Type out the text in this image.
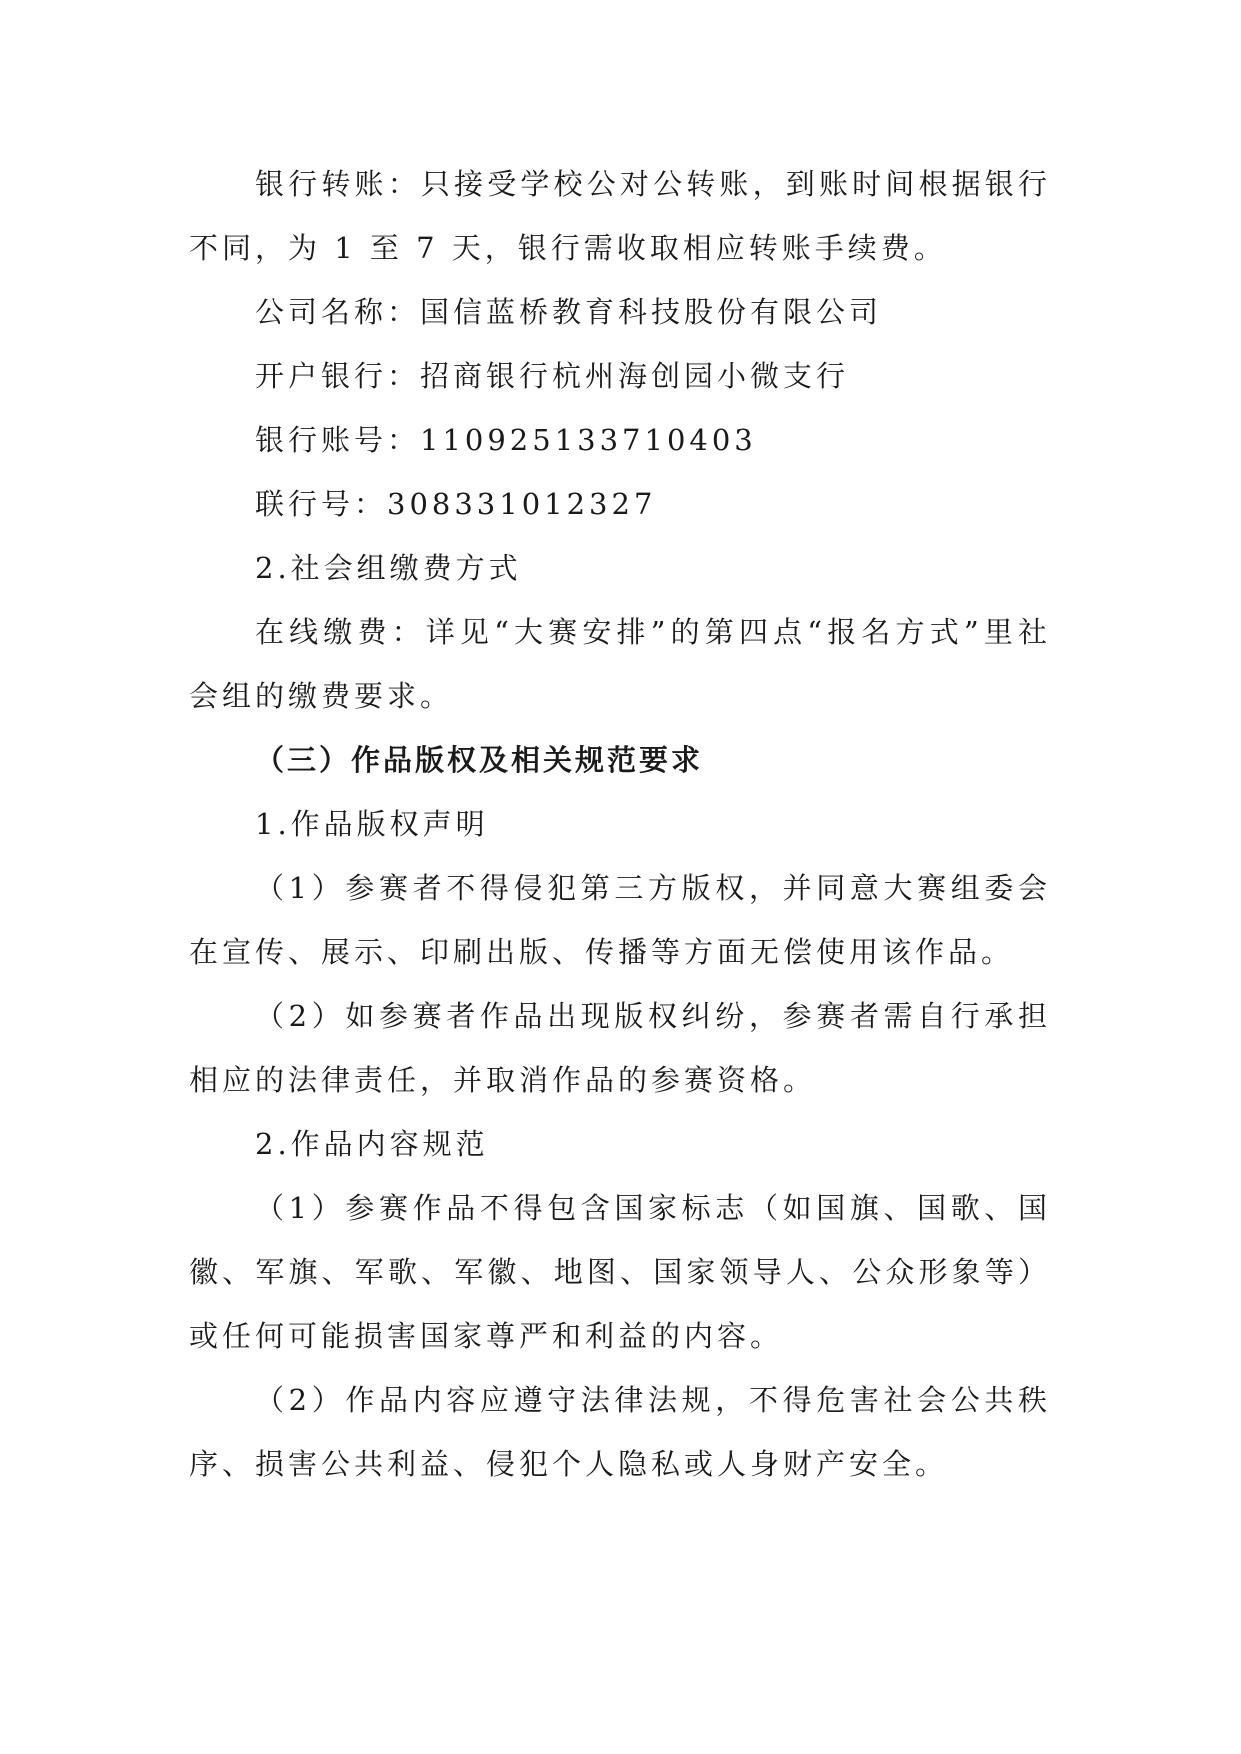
银行转账：只接受学校公对公转账，到账时间根据银行不同，为 1 至 7 天，银行需收取相应转账手续费。

公司名称：国信蓝桥教育科技股份有限公司

开户银行：招商银行杭州海创园小微支行

银行账号：110925133710403

联行号：308331012327

2.社会组缴费方式

在线缴费：详见“大赛安排”的第四点“报名方式”里社会组的缴费要求。

（三）作品版权及相关规范要求

1.作品版权声明

（1）参赛者不得侵犯第三方版权，并同意大赛组委会在宣传、展示、印刷出版、传播等方面无偿使用该作品。

（2）如参赛者作品出现版权纠纷，参赛者需自行承担相应的法律责任，并取消作品的参赛资格。

2.作品内容规范

（1）参赛作品不得包含国家标志（如国旗、国歌、国徽、军旗、军歌、军徽、地图、国家领导人、公众形象等）或任何可能损害国家尊严和利益的内容。

（2）作品内容应遵守法律法规，不得危害社会公共秩序、损害公共利益、侵犯个人隐私或人身财产安全。
